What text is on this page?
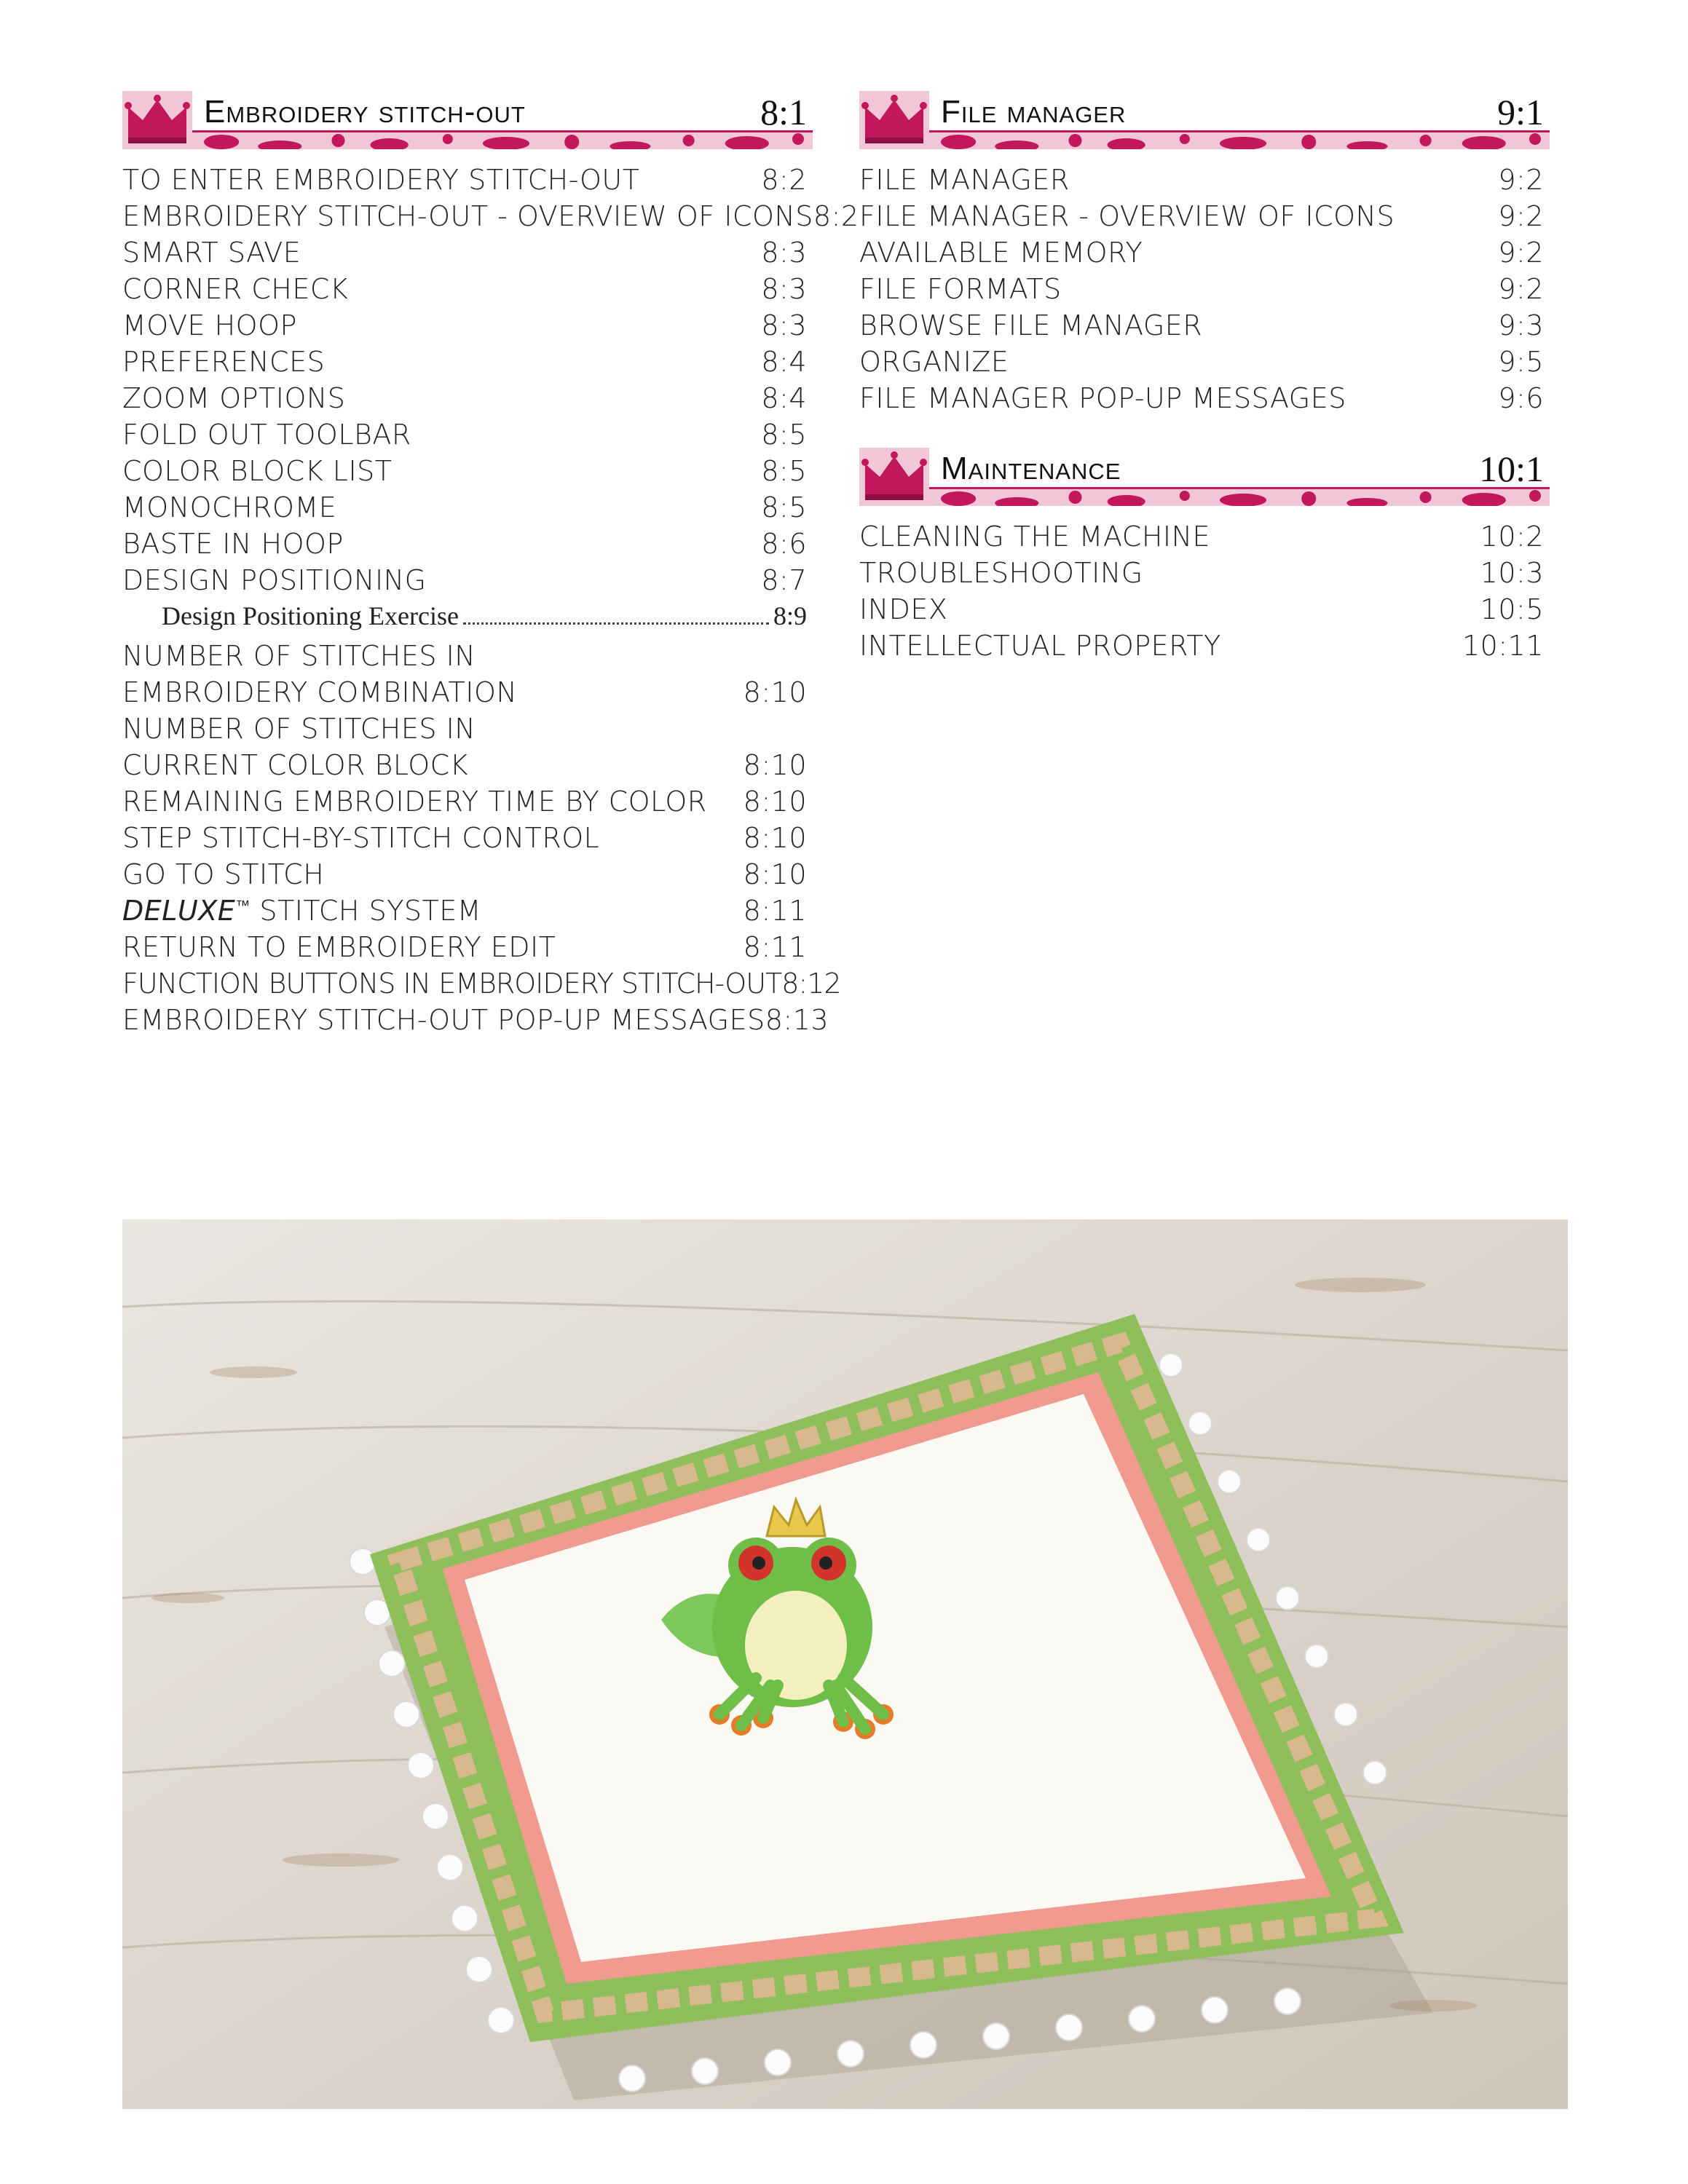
Embroidery stitch-out	8:1
TO ENTER EMBROIDERY STITCH-OUT	8:2
EMBROIDERY STITCH-OUT - OVERVIEW OF ICONS 8:2
SMART SAVE	8:3
CORNER CHECK	8:3
MOVE HOOP	8:3
PREFERENCES	8:4
ZOOM OPTIONS	8:4
FOLD OUT TOOLBAR	8:5
COLOR BLOCK LIST	8:5
MONOCHROME	8:5
BASTE IN HOOP	8:6
DESIGN POSITIONING	8:7
Design Positioning Exercise	8:9
NUMBER OF STITCHES IN
EMBROIDERY COMBINATION	8:10
NUMBER OF STITCHES IN
CURRENT COLOR BLOCK	8:10
REMAINING EMBROIDERY TIME BY COLOR 8:10
STEP STITCH-BY-STITCH CONTROL	8:10
GO TO STITCH	8:10
DELUXE™ STITCH SYSTEM	8:11
RETURN TO EMBROIDERY EDIT	8:11
FUNCTION BUTTONS IN EMBROIDERY STITCH-OUT 8:12
EMBROIDERY STITCH-OUT POP-UP MESSAGES 8:13
File manager	9:1
FILE MANAGER	9:2
FILE MANAGER - OVERVIEW OF ICONS	9:2
AVAILABLE MEMORY	9:2
FILE FORMATS	9:2
BROWSE FILE MANAGER	9:3
ORGANIZE	9:5
FILE MANAGER POP-UP MESSAGES	9:6
Maintenance	10:1
CLEANING THE MACHINE	10:2
TROUBLESHOOTING	10:3
INDEX	10:5
INTELLECTUAL PROPERTY	10:11
